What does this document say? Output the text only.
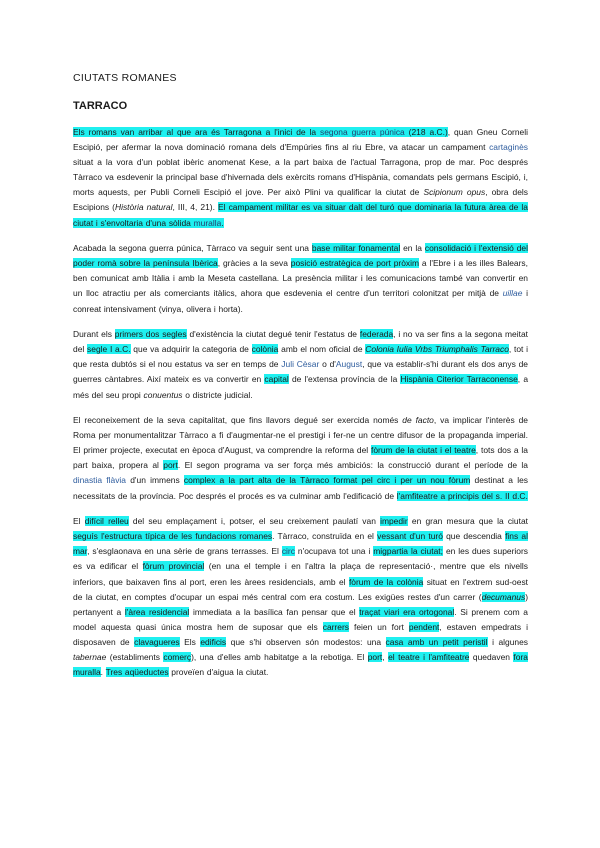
CIUTATS ROMANES
TARRACO

Els romans van arribar al que ara és Tarragona a l'inici de la segona guerra púnica (218 a.C.), quan Gneu Corneli Escipió, per afermar la nova dominació romana dels d'Empúries fins al riu Ebre, va atacar un campament cartaginès situat a la vora d'un poblat ibèric anomenat Kese, a la part baixa de l'actual Tarragona, prop de mar. Poc després Tàrraco va esdevenir la principal base d'hivernada dels exèrcits romans d'Hispània, comandats pels germans Escipió, i, morts aquests, per Publi Corneli Escipió el jove. Per això Plini va qualificar la ciutat de Scipionum opus, obra dels Escipions (Història natural, III, 4, 21). El campament militar es va situar dalt del turó que dominaria la futura àrea de la ciutat i s'envoltaria d'una sòlida muralla.

Acabada la segona guerra púnica, Tàrraco va seguir sent una base militar fonamental en la consolidació i l'extensió del poder romà sobre la península Ibèrica, gràcies a la seva posició estratègica de port pròxim a l'Ebre i a les illes Balears, ben comunicat amb Itàlia i amb la Meseta castellana. La presència militar i les comunicacions també van convertir en un lloc atractiu per als comerciants itàlics, ahora que esdevenia el centre d'un territori colonitzat per mitjà de uillae i conreat intensivament (vinya, olivera i horta).

Durant els primers dos segles d'existència la ciutat degué tenir l'estatus de federada, i no va ser fins a la segona meitat del segle I a.C. que va adquirir la categoria de colònia amb el nom oficial de Colonia Iulia Vrbs Triumphalis Tarraco, tot i que resta dubtós si el nou estatus va ser en temps de Juli Cèsar o d'August, que va establir-s'hi durant els dos anys de guerres càntabres. Així mateix es va convertir en capital de l'extensa província de la Hispània Citerior Tarraconense, a més del seu propi conuentus o districte judicial.

El reconeixement de la seva capitalitat, que fins llavors degué ser exercida només de facto, va implicar l'interès de Roma per monumentalitzar Tàrraco a fi d'augmentar-ne el prestigi i fer-ne un centre difusor de la propaganda imperial. El primer projecte, executat en època d'August, va comprendre la reforma del fòrum de la ciutat i el teatre, tots dos a la part baixa, propera al port. El segon programa va ser força més ambiciós: la construcció durant el període de la dinastia flàvia d'un immens complex a la part alta de la Tàrraco format pel circ i per un nou fòrum destinat a les necessitats de la província. Poc després el procés es va culminar amb l'edificació de l'amfiteatre a principis del s. II d.C.

El difícil relleu del seu emplaçament i, potser, el seu creixement paulatí van impedir en gran mesura que la ciutat seguís l'estructura típica de les fundacions romanes. Tàrraco, construïda en el vessant d'un turó que descendia fins al mar, s'esglaonava en una sèrie de grans terrasses. El circ n'ocupava tot una i migpartia la ciutat; en les dues superiors es va edificar el fòrum provincial (en una el temple i en l'altra la plaça de representació·, mentre que els nivells inferiors, que baixaven fins al port, eren les àrees residencials, amb el fòrum de la colònia situat en l'extrem sud-oest de la ciutat, en comptes d'ocupar un espai més central com era costum. Les exigües restes d'un carrer (decumanus) pertanyent a l'àrea residencial immediata a la basílica fan pensar que el traçat viari era ortogonal. Si prenem com a model aquesta quasi única mostra hem de suposar que els carrers feien un fort pendent, estaven empedrats i disposaven de clavagueres Els edificis que s'hi observen són modestos: una casa amb un petit peristil i algunes tabernae (establiments comerç), una d'elles amb habitatge a la rebotiga. El port, el teatre i l'amfiteatre quedaven fora muralla. Tres aqüeductes proveïen d'aigua la ciutat.
